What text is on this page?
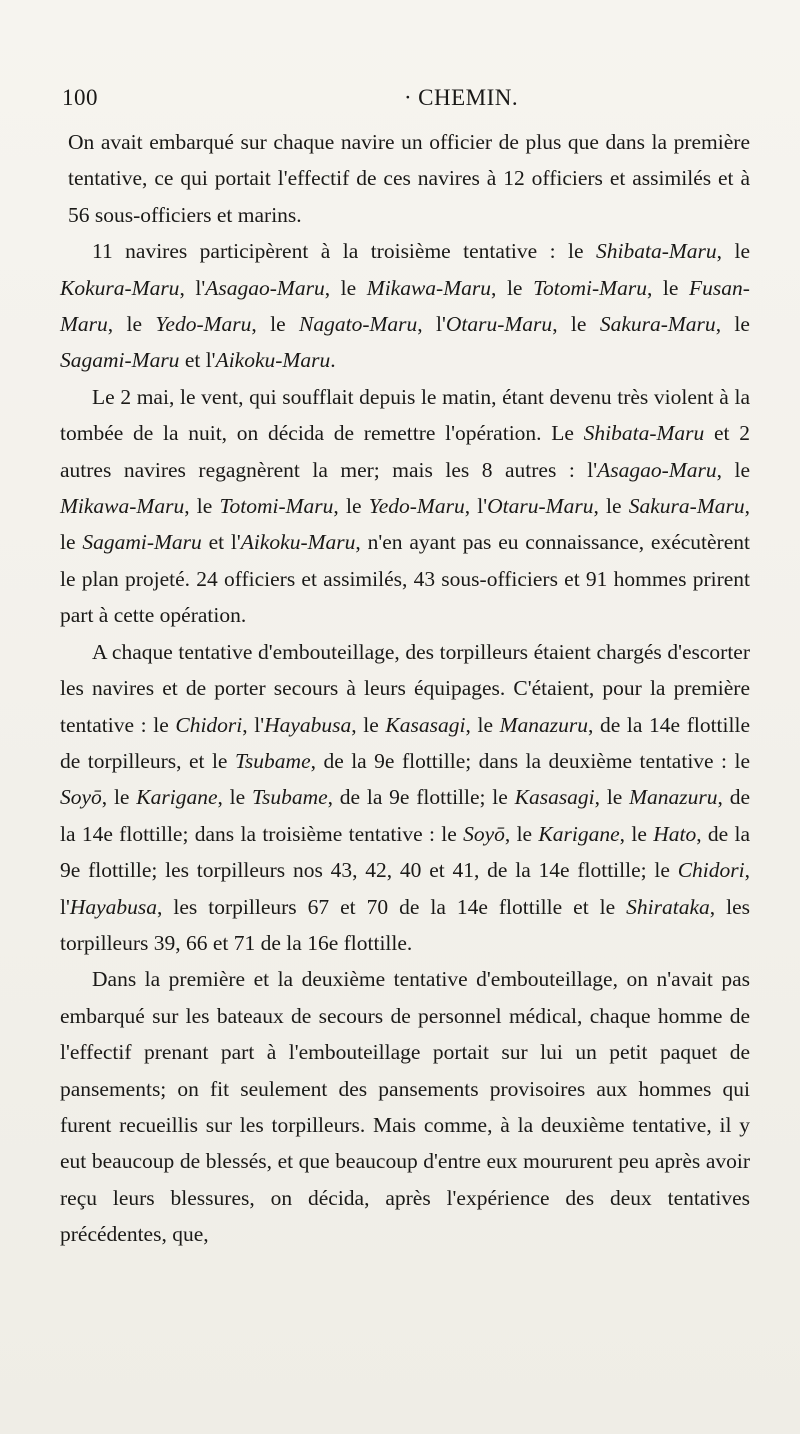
100
·	CHEMIN.

On avait embarqué sur chaque navire un officier de plus que dans la première tentative, ce qui portait l'effectif de ces navires à 12 officiers et assimilés et à 56 sous-officiers et marins.

11 navires participèrent à la troisième tentative : le Shibata-Maru, le Kokura-Maru, l'Asagao-Maru, le Mikawa-Maru, le Totomi-Maru, le Fusan-Maru, le Yedo-Maru, le Nagato-Maru, l'Otaru-Maru, le Sakura-Maru, le Sagami-Maru et l'Aikoku-Maru.

Le 2 mai, le vent, qui soufflait depuis le matin, étant devenu très violent à la tombée de la nuit, on décida de remettre l'opération. Le Shibata-Maru et 2 autres navires regagnèrent la mer; mais les 8 autres : l'Asagao-Maru, le Mikawa-Maru, le Totomi-Maru, le Yedo-Maru, l'Otaru-Maru, le Sakura-Maru, le Sagami-Maru et l'Aikoku-Maru, n'en ayant pas eu connaissance, exécutèrent le plan projeté. 24 officiers et assimilés, 43 sous-officiers et 91 hommes prirent part à cette opération.

A chaque tentative d'embouteillage, des torpilleurs étaient chargés d'escorter les navires et de porter secours à leurs équipages. C'étaient, pour la première tentative : le Chidori, l'Hayabusa, le Kasasagi, le Manazuru, de la 14e flottille de torpilleurs, et le Tsubame, de la 9e flottille; dans la deuxième tentative : le Soyō, le Karigane, le Tsubame, de la 9e flottille; le Kasasagi, le Manazuru, de la 14e flottille; dans la troisième tentative : le Soyō, le Karigane, le Hato, de la 9e flottille; les torpilleurs nos 43, 42, 40 et 41, de la 14e flottille; le Chidori, l'Hayabusa, les torpilleurs 67 et 70 de la 14e flottille et le Shirataka, les torpilleurs 39, 66 et 71 de la 16e flottille.

Dans la première et la deuxième tentative d'embouteillage, on n'avait pas embarqué sur les bateaux de secours de personnel médical, chaque homme de l'effectif prenant part à l'embouteillage portait sur lui un petit paquet de pansements; on fit seulement des pansements provisoires aux hommes qui furent recueillis sur les torpilleurs. Mais comme, à la deuxième tentative, il y eut beaucoup de blessés, et que beaucoup d'entre eux moururent peu après avoir reçu leurs blessures, on décida, après l'expérience des deux tentatives précédentes, que,
